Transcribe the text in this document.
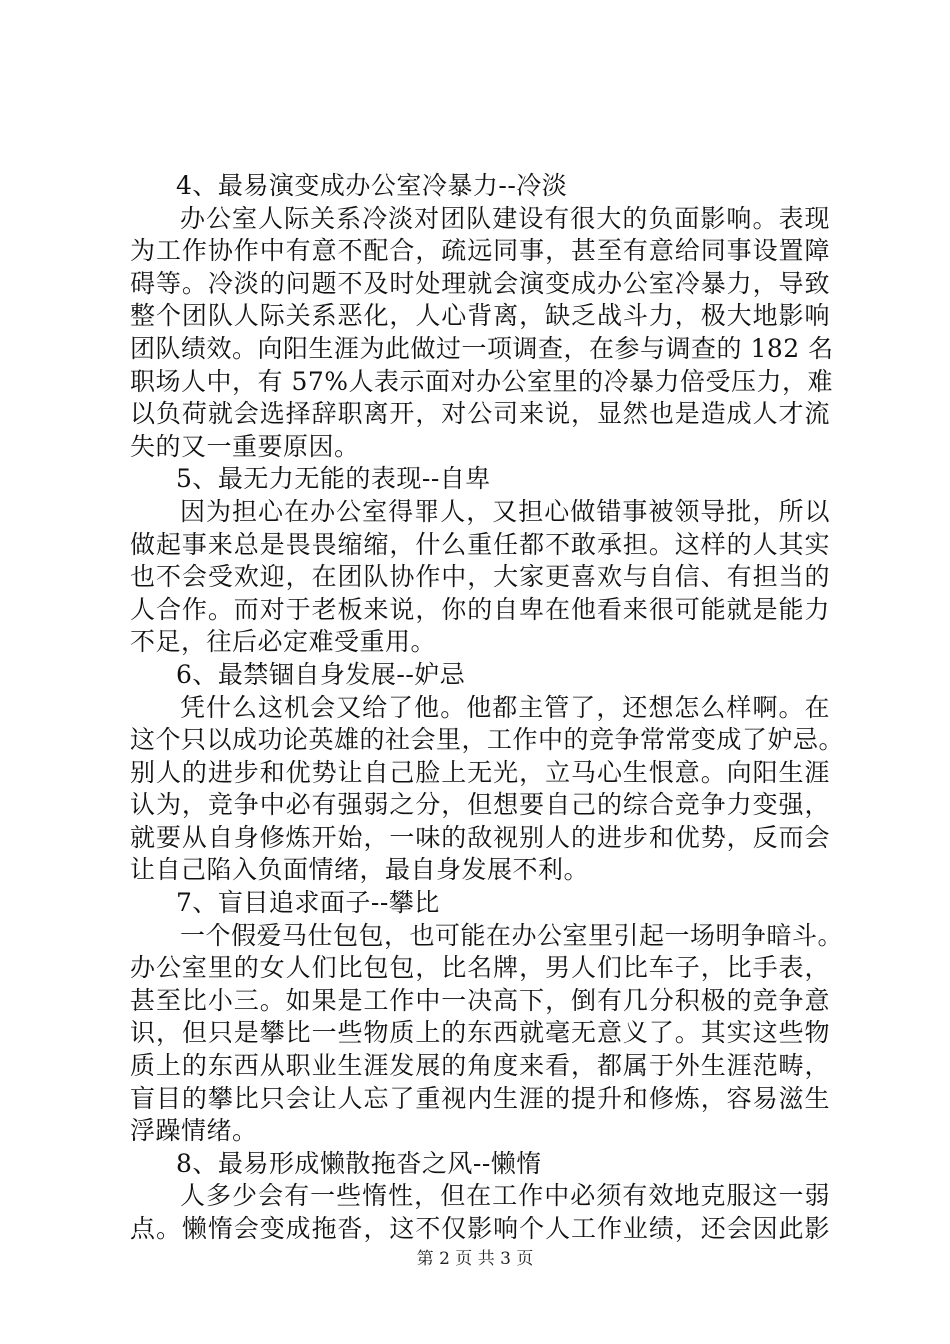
4、最易演变成办公室冷暴力--冷淡
办公室人际关系冷淡对团队建设有很大的负面影响。表现
为工作协作中有意不配合，疏远同事，甚至有意给同事设置障
碍等。冷淡的问题不及时处理就会演变成办公室冷暴力，导致
整个团队人际关系恶化，人心背离，缺乏战斗力，极大地影响
团队绩效。向阳生涯为此做过一项调查，在参与调查的 182 名
职场人中，有 57%人表示面对办公室里的冷暴力倍受压力，难
以负荷就会选择辞职离开，对公司来说，显然也是造成人才流
失的又一重要原因。
5、最无力无能的表现--自卑
因为担心在办公室得罪人，又担心做错事被领导批，所以
做起事来总是畏畏缩缩，什么重任都不敢承担。这样的人其实
也不会受欢迎，在团队协作中，大家更喜欢与自信、有担当的
人合作。而对于老板来说，你的自卑在他看来很可能就是能力
不足，往后必定难受重用。
6、最禁锢自身发展--妒忌
凭什么这机会又给了他。他都主管了，还想怎么样啊。在
这个只以成功论英雄的社会里，工作中的竞争常常变成了妒忌。
别人的进步和优势让自己脸上无光，立马心生恨意。向阳生涯
认为，竞争中必有强弱之分，但想要自己的综合竞争力变强，
就要从自身修炼开始，一味的敌视别人的进步和优势，反而会
让自己陷入负面情绪，最自身发展不利。
7、盲目追求面子--攀比
一个假爱马仕包包，也可能在办公室里引起一场明争暗斗。
办公室里的女人们比包包，比名牌，男人们比车子，比手表，
甚至比小三。如果是工作中一决高下，倒有几分积极的竞争意
识，但只是攀比一些物质上的东西就毫无意义了。其实这些物
质上的东西从职业生涯发展的角度来看，都属于外生涯范畴，
盲目的攀比只会让人忘了重视内生涯的提升和修炼，容易滋生
浮躁情绪。
8、最易形成懒散拖沓之风--懒惰
人多少会有一些惰性，但在工作中必须有效地克服这一弱
点。懒惰会变成拖沓，这不仅影响个人工作业绩，还会因此影
第 2 页 共 3 页
